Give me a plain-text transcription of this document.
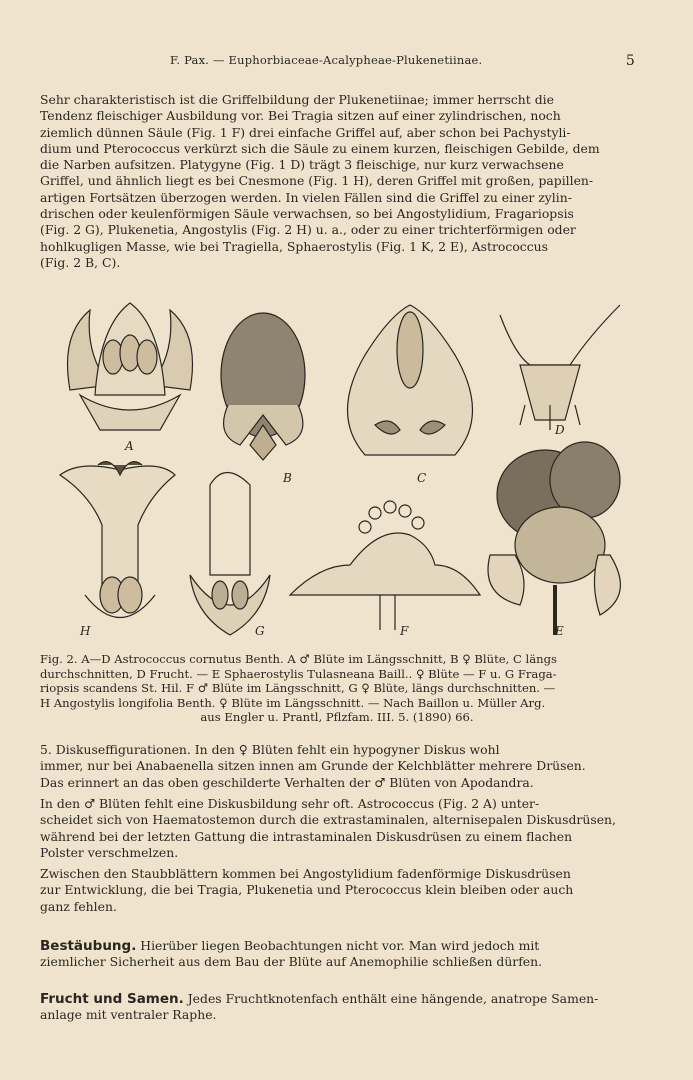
F. Pax. — Euphorbiaceae-Acalypheae-Plukenetiinae.	5
Sehr charakteristisch ist die Griffelbildung der Plukenetiinae; immer herrscht die
Tendenz fleischiger Ausbildung vor. Bei Tragia sitzen auf einer zylindrischen, noch
ziemlich dünnen Säule (Fig. 1 F) drei einfache Griffel auf, aber schon bei Pachystyli-
dium und Pterococcus verkürzt sich die Säule zu einem kurzen, fleischigen Gebilde, dem
die Narben aufsitzen. Platygyne (Fig. 1 D) trägt 3 fleischige, nur kurz verwachsene
Griffel, und ähnlich liegt es bei Cnesmone (Fig. 1 H), deren Griffel mit großen, papillen-
artigen Fortsätzen überzogen werden. In vielen Fällen sind die Griffel zu einer zylin-
drischen oder keulenförmigen Säule verwachsen, so bei Angostylidium, Fragariopsis
(Fig. 2 G), Plukenetia, Angostylis (Fig. 2 H) u. a., oder zu einer trichterförmigen oder
hohlkugligen Masse, wie bei Tragiella, Sphaerostylis (Fig. 1 K, 2 E), Astrococcus
(Fig. 2 B, C).
A
B	C
D
H	G	F	E
Fig. 2. A—D Astrococcus cornutus Benth. A ♂ Blüte im Längsschnitt, B ♀ Blüte, C längs
durchschnitten, D Frucht. — E Sphaerostylis Tulasneana Baill.. ♀ Blüte — F u. G Fraga-
riopsis scandens St. Hil. F ♂ Blüte im Längsschnitt, G ♀ Blüte, längs durchschnitten. —
H Angostylis longifolia Benth. ♀ Blüte im Längsschnitt. — Nach Baillon u. Müller Arg.
aus Engler u. Prantl, Pflzfam. III. 5. (1890) 66.
5. Diskuseffigurationen. In den ♀ Blüten fehlt ein hypogyner Diskus wohl
immer, nur bei Anabaenella sitzen innen am Grunde der Kelchblätter mehrere Drüsen.
Das erinnert an das oben geschilderte Verhalten der ♂ Blüten von Apodandra.
In den ♂ Blüten fehlt eine Diskusbildung sehr oft. Astrococcus (Fig. 2 A) unter-
scheidet sich von Haematostemon durch die extrastaminalen, alternisepalen Diskusdrüsen,
während bei der letzten Gattung die intrastaminalen Diskusdrüsen zu einem flachen
Polster verschmelzen.
Zwischen den Staubblättern kommen bei Angostylidium fadenförmige Diskusdrüsen
zur Entwicklung, die bei Tragia, Plukenetia und Pterococcus klein bleiben oder auch
ganz fehlen.
Bestäubung. Hierüber liegen Beobachtungen nicht vor. Man wird jedoch mit
ziemlicher Sicherheit aus dem Bau der Blüte auf Anemophilie schließen dürfen.
Frucht und Samen. Jedes Fruchtknotenfach enthält eine hängende, anatrope Samen-
anlage mit ventraler Raphe.
